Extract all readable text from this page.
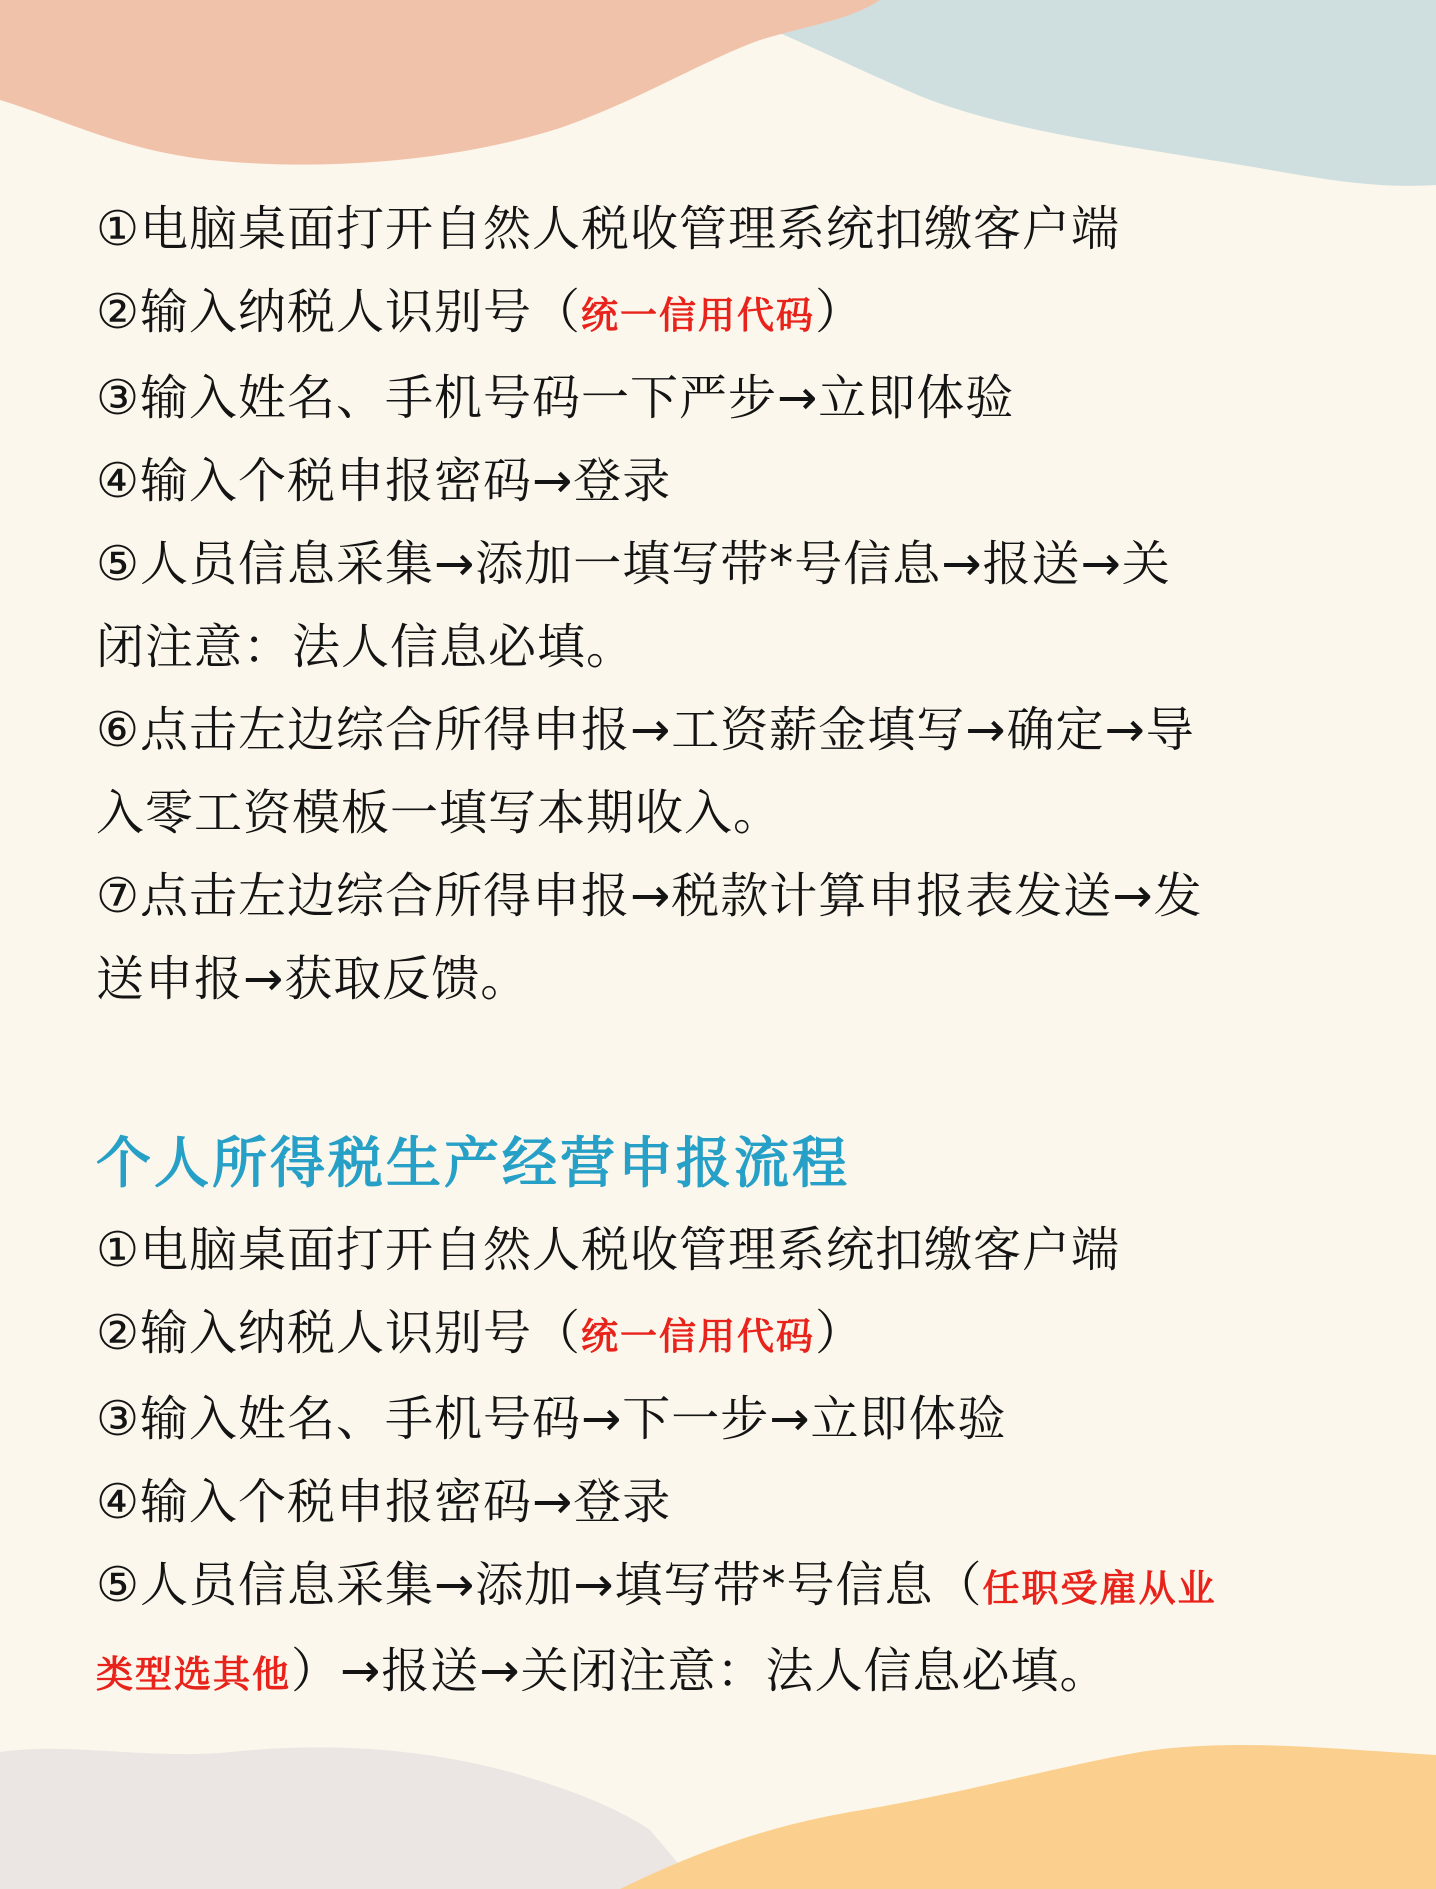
①电脑桌面打开自然人税收管理系统扣缴客户端
②输入纳税人识别号（统一信用代码）
③输入姓名、手机号码一下严步→立即体验
④输入个税申报密码→登录
⑤人员信息采集→添加一填写带*号信息→报送→关
闭注意：法人信息必填。
⑥点击左边综合所得申报→工资薪金填写→确定→导
入零工资模板一填写本期收入。
⑦点击左边综合所得申报→税款计算申报表发送→发
送申报→获取反馈。
个人所得税生产经营申报流程
①电脑桌面打开自然人税收管理系统扣缴客户端
②输入纳税人识别号（统一信用代码）
③输入姓名、手机号码→下一步→立即体验
④输入个税申报密码→登录
⑤人员信息采集→添加→填写带*号信息（任职受雇从业
类型选其他）→报送→关闭注意：法人信息必填。
